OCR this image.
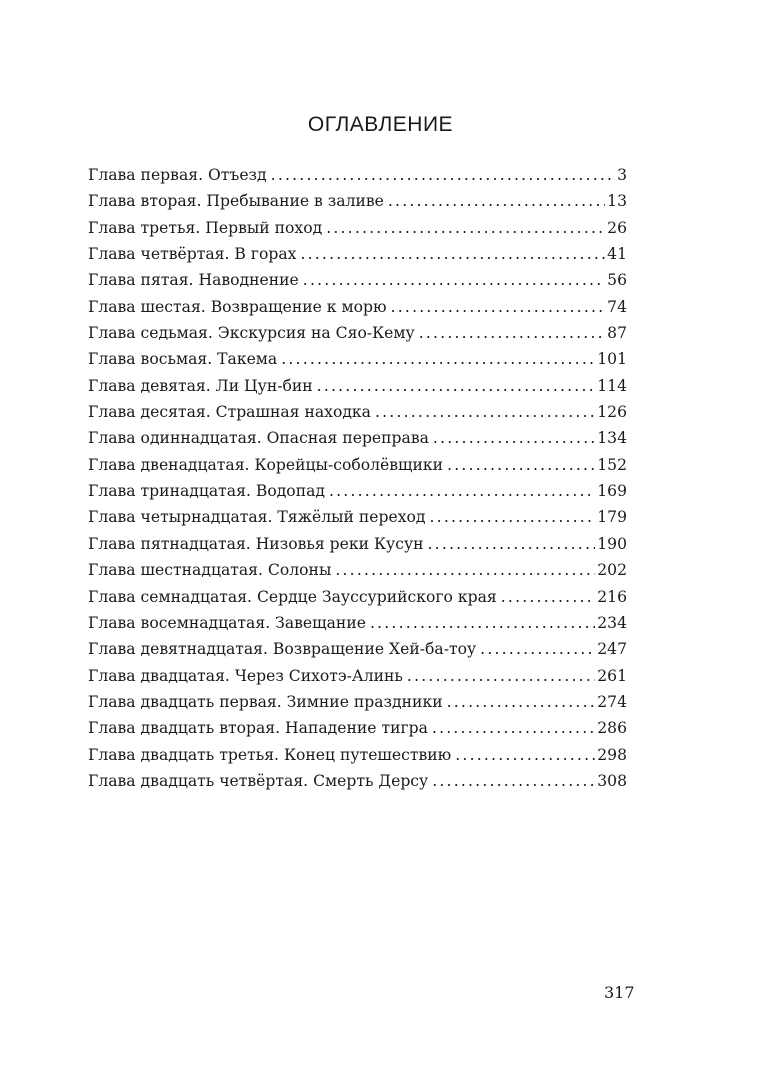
ОГЛАВЛЕНИЕ
Глава первая. Отъезд .....	3
Глава вторая. Пребывание в заливе .....	13
Глава третья. Первый поход .....	26
Глава четвёртая. В горах .....	41
Глава пятая. Наводнение .....	56
Глава шестая. Возвращение к морю .....	74
Глава седьмая. Экскурсия на Сяо-Кему .....	87
Глава восьмая. Такема .....	101
Глава девятая. Ли Цун-бин .....	114
Глава десятая. Страшная находка .....	126
Глава одиннадцатая. Опасная переправа .....	134
Глава двенадцатая. Корейцы-соболёвщики .....	152
Глава тринадцатая. Водопад .....	169
Глава четырнадцатая. Тяжёлый переход .....	179
Глава пятнадцатая. Низовья реки Кусун .....	190
Глава шестнадцатая. Солоны .....	202
Глава семнадцатая. Сердце Зауссурийского края .....	216
Глава восемнадцатая. Завещание .....	234
Глава девятнадцатая. Возвращение Хей-ба-тоу .....	247
Глава двадцатая. Через Сихотэ-Алинь .....	261
Глава двадцать первая. Зимние праздники .....	274
Глава двадцать вторая. Нападение тигра .....	286
Глава двадцать третья. Конец путешествию .....	298
Глава двадцать четвёртая. Смерть Дерсу .....	308

317
